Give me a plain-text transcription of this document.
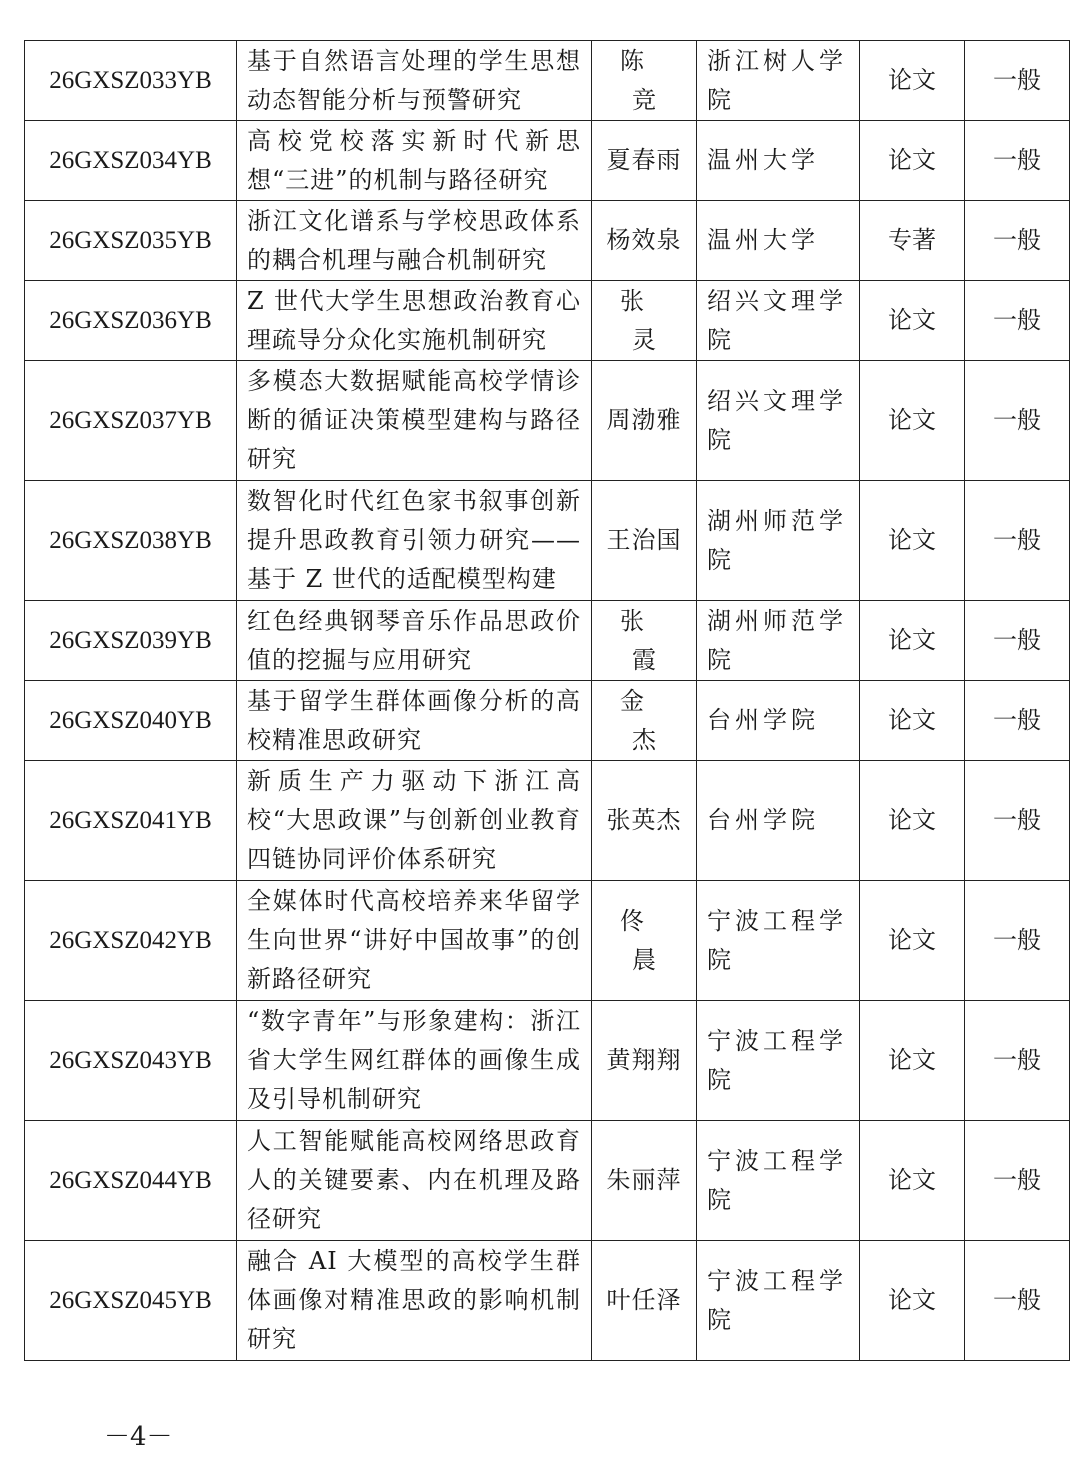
26GXSZ033YB	基于自然语言处理的学生思想动态智能分析与预警研究	陈竞	浙江树人学院	论文	一般
26GXSZ034YB	高校党校落实新时代新思想“三进”的机制与路径研究	夏春雨	温州大学	论文	一般
26GXSZ035YB	浙江文化谱系与学校思政体系的耦合机理与融合机制研究	杨效泉	温州大学	专著	一般
26GXSZ036YB	Z 世代大学生思想政治教育心理疏导分众化实施机制研究	张灵	绍兴文理学院	论文	一般
26GXSZ037YB	多模态大数据赋能高校学情诊断的循证决策模型建构与路径研究	周渤雅	绍兴文理学院	论文	一般
26GXSZ038YB	数智化时代红色家书叙事创新提升思政教育引领力研究——基于 Z 世代的适配模型构建	王治国	湖州师范学院	论文	一般
26GXSZ039YB	红色经典钢琴音乐作品思政价值的挖掘与应用研究	张霞	湖州师范学院	论文	一般
26GXSZ040YB	基于留学生群体画像分析的高校精准思政研究	金杰	台州学院	论文	一般
26GXSZ041YB	新质生产力驱动下浙江高校“大思政课”与创新创业教育四链协同评价体系研究	张英杰	台州学院	论文	一般
26GXSZ042YB	全媒体时代高校培养来华留学生向世界“讲好中国故事”的创新路径研究	佟晨	宁波工程学院	论文	一般
26GXSZ043YB	“数字青年”与形象建构：浙江省大学生网红群体的画像生成及引导机制研究	黄翔翔	宁波工程学院	论文	一般
26GXSZ044YB	人工智能赋能高校网络思政育人的关键要素、内在机理及路径研究	朱丽萍	宁波工程学院	论文	一般
26GXSZ045YB	融合 AI 大模型的高校学生群体画像对精准思政的影响机制研究	叶任泽	宁波工程学院	论文	一般
－4－
